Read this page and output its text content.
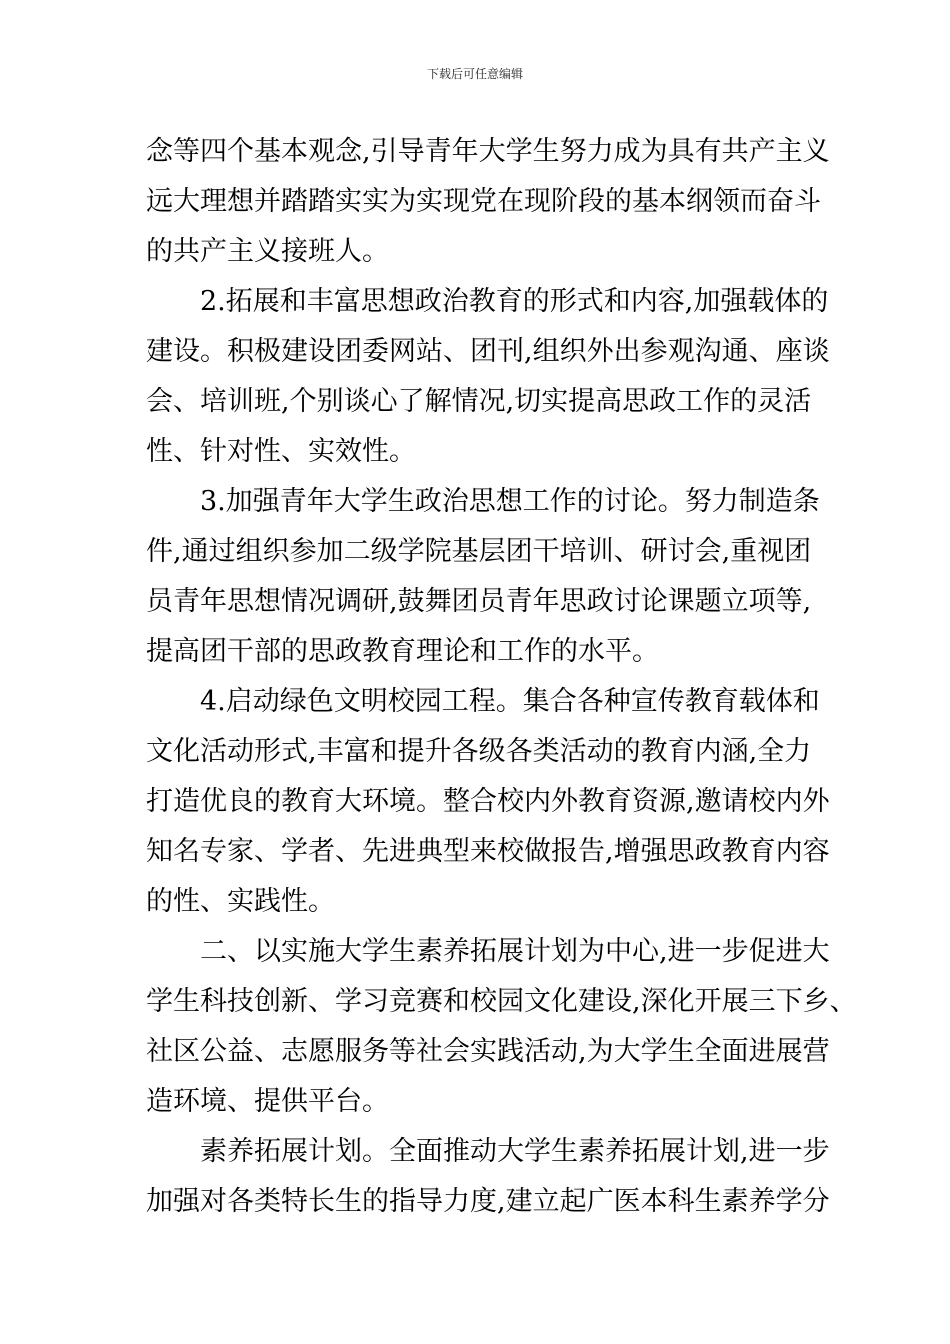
下载后可任意编辑
念等四个基本观念,引导青年大学生努力成为具有共产主义
远大理想并踏踏实实为实现党在现阶段的基本纲领而奋斗
的共产主义接班人。
2.拓展和丰富思想政治教育的形式和内容,加强载体的
建设。积极建设团委网站、团刊,组织外出参观沟通、座谈
会、培训班,个别谈心了解情况,切实提高思政工作的灵活
性、针对性、实效性。
3.加强青年大学生政治思想工作的讨论。努力制造条
件,通过组织参加二级学院基层团干培训、研讨会,重视团
员青年思想情况调研,鼓舞团员青年思政讨论课题立项等,
提高团干部的思政教育理论和工作的水平。
4.启动绿色文明校园工程。集合各种宣传教育载体和
文化活动形式,丰富和提升各级各类活动的教育内涵,全力
打造优良的教育大环境。整合校内外教育资源,邀请校内外
知名专家、学者、先进典型来校做报告,增强思政教育内容
的性、实践性。
二、以实施大学生素养拓展计划为中心,进一步促进大
学生科技创新、学习竞赛和校园文化建设,深化开展三下乡、
社区公益、志愿服务等社会实践活动,为大学生全面进展营
造环境、提供平台。
素养拓展计划。全面推动大学生素养拓展计划,进一步
加强对各类特长生的指导力度,建立起广医本科生素养学分
